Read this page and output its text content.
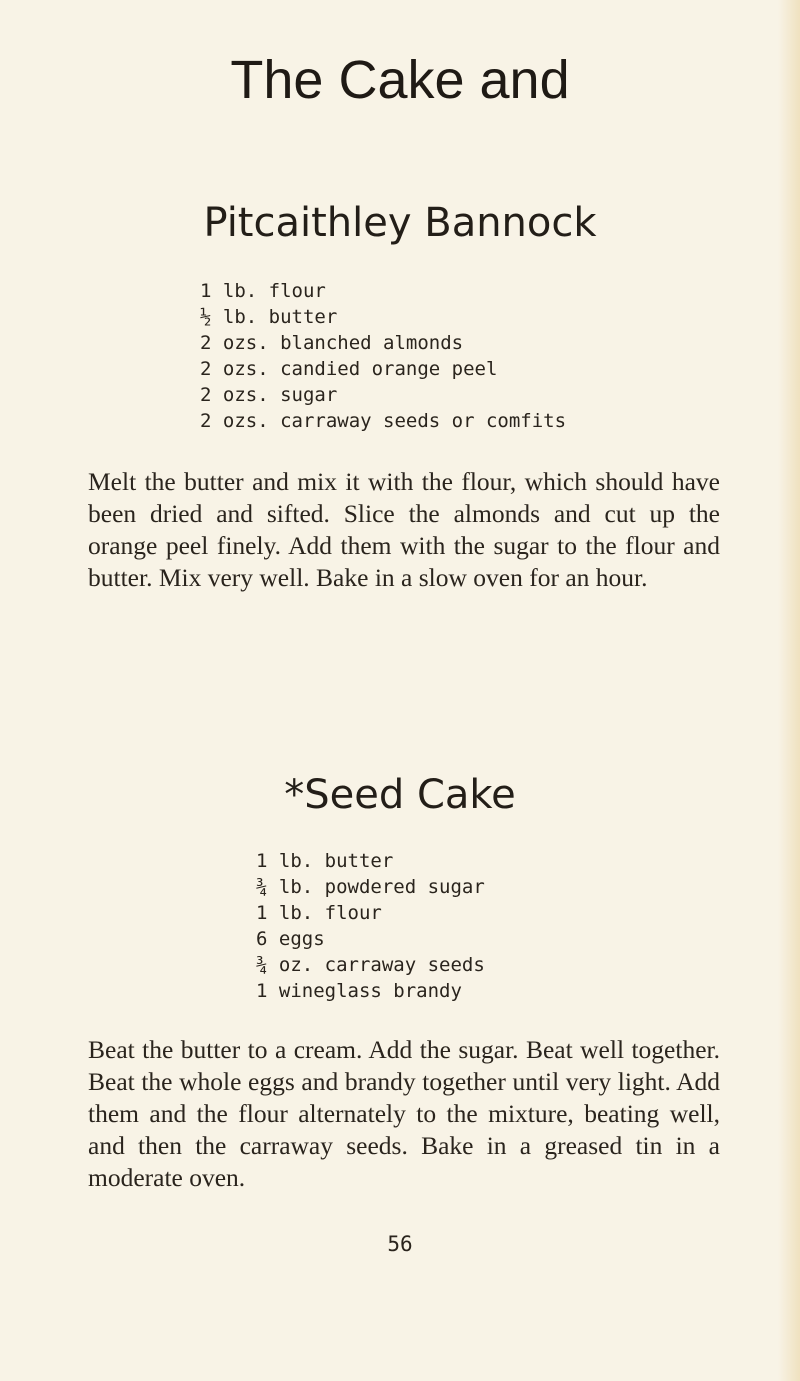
The Cake and
Pitcaithley Bannock
1 lb. flour
½ lb. butter
2 ozs. blanched almonds
2 ozs. candied orange peel
2 ozs. sugar
2 ozs. carraway seeds or comfits

Melt the butter and mix it with the flour, which should have been dried and sifted. Slice the almonds and cut up the orange peel finely. Add them with the sugar to the flour and butter. Mix very well. Bake in a slow oven for an hour.

*Seed Cake
1 lb. butter
¾ lb. powdered sugar
1 lb. flour
6 eggs
¾ oz. carraway seeds
1 wineglass brandy

Beat the butter to a cream. Add the sugar. Beat well together. Beat the whole eggs and brandy together until very light. Add them and the flour alternately to the mixture, beating well, and then the carraway seeds. Bake in a greased tin in a moderate oven.

56
